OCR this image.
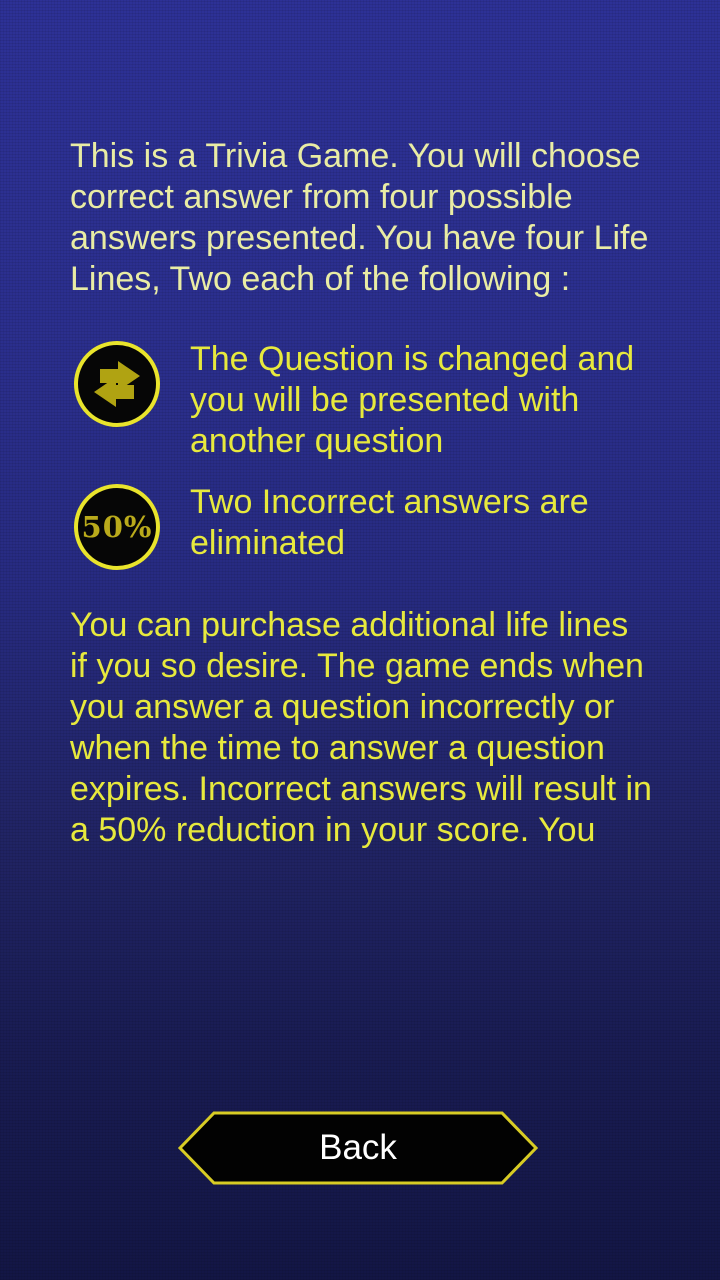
This is a Trivia Game. You will choose correct answer from four possible answers presented. You have four Life Lines, Two each of the following :

The Question is changed and you will be presented with another question

50%

Two Incorrect answers are eliminated

You can purchase additional life lines if you so desire. The game ends when you answer a question incorrectly or when the time to answer a question expires. Incorrect answers will result in a 50% reduction in your score. You

Back
